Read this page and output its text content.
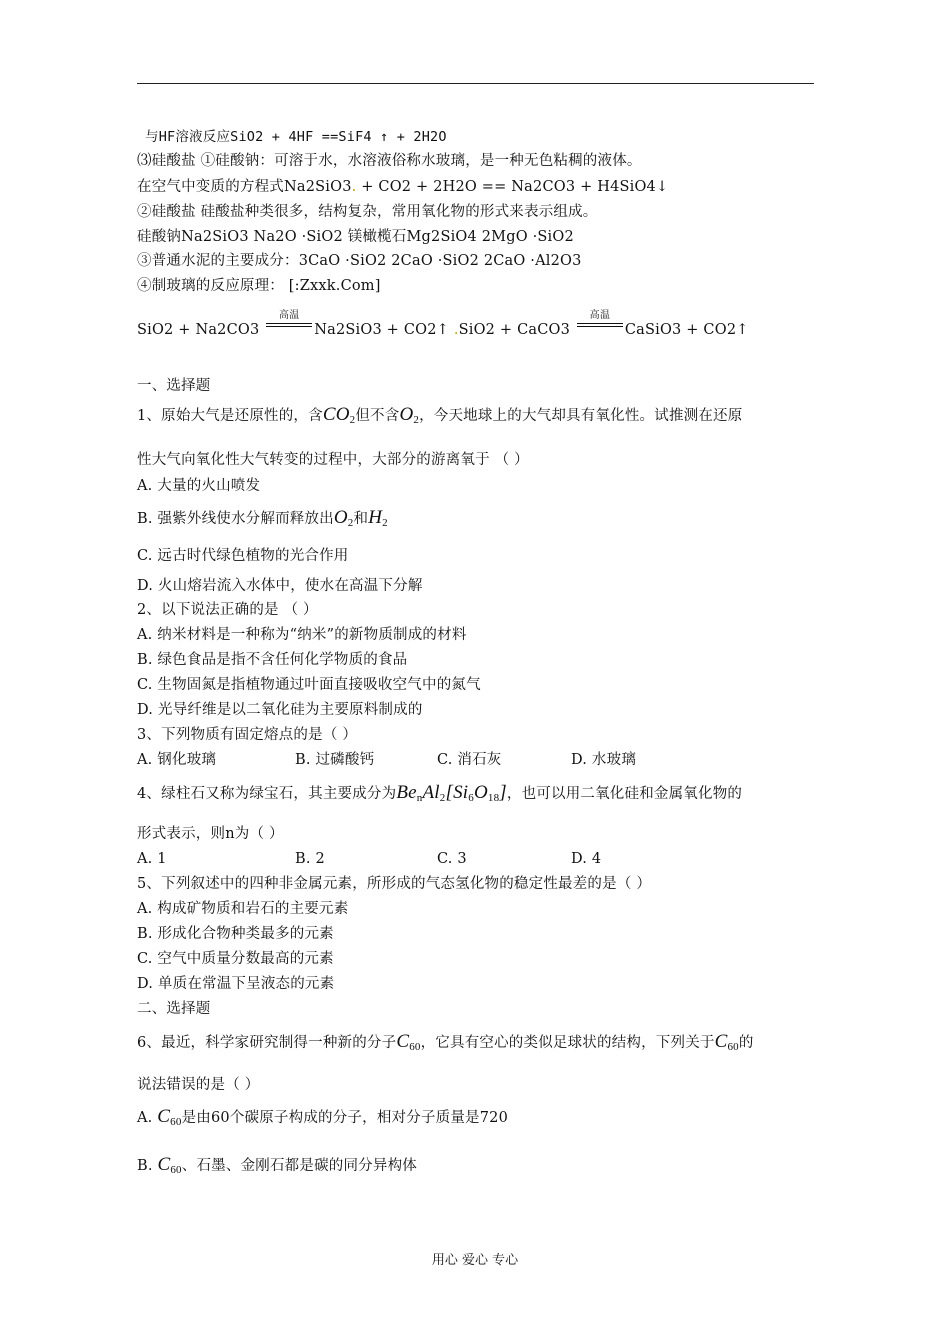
与HF溶液反应SiO2 + 4HF ==SiF4 ↑ + 2H2O
⑶硅酸盐 ①硅酸钠：可溶于水，水溶液俗称水玻璃，是一种无色粘稠的液体。
在空气中变质的方程式Na2SiO3. + CO2 + 2H2O == Na2CO3 + H4SiO4↓
②硅酸盐 硅酸盐种类很多，结构复杂，常用氧化物的形式来表示组成。
硅酸钠Na2SiO3 Na2O ·SiO2 镁橄榄石Mg2SiO4 2MgO ·SiO2
③普通水泥的主要成分：3CaO ·SiO2 2CaO ·SiO2 2CaO ·Al2O3
④制玻璃的反应原理： [:Zxxk.Com]
SiO2 + Na2CO3
高温
Na2SiO3 + CO2↑ .SiO2 + CaCO3
高温
CaSiO3 + CO2↑
一、选择题
1、原始大气是还原性的，含$CO_2$但不含$O_2$，今天地球上的大气却具有氧化性。试推测在还原
性大气向氧化性大气转变的过程中，大部分的游离氧于 （ ）
A. 大量的火山喷发
B. 强紫外线使水分解而释放出$O_2$和$H_2$
C. 远古时代绿色植物的光合作用
D. 火山熔岩流入水体中，使水在高温下分解
2、以下说法正确的是 （ ）
A. 纳米材料是一种称为“纳米”的新物质制成的材料
B. 绿色食品是指不含任何化学物质的食品
C. 生物固氮是指植物通过叶面直接吸收空气中的氮气
D. 光导纤维是以二氧化硅为主要原料制成的
3、下列物质有固定熔点的是（ ）
A. 钢化玻璃	B. 过磷酸钙	C. 消石灰	D. 水玻璃
4、绿柱石又称为绿宝石，其主要成分为$Be_nAl_2[Si_6O_{18}]$，也可以用二氧化硅和金属氧化物的
形式表示，则n为（ ）
A. 1	B. 2	C. 3	D. 4
5、下列叙述中的四种非金属元素，所形成的气态氢化物的稳定性最差的是（ ）
A. 构成矿物质和岩石的主要元素
B. 形成化合物种类最多的元素
C. 空气中质量分数最高的元素
D. 单质在常温下呈液态的元素
二、选择题
6、最近，科学家研究制得一种新的分子$C_{60}$，它具有空心的类似足球状的结构，下列关于$C_{60}$的
说法错误的是（ ）
A. $C_{60}$是由60个碳原子构成的分子，相对分子质量是720
B. $C_{60}$、石墨、金刚石都是碳的同分异构体
用心 爱心 专心
